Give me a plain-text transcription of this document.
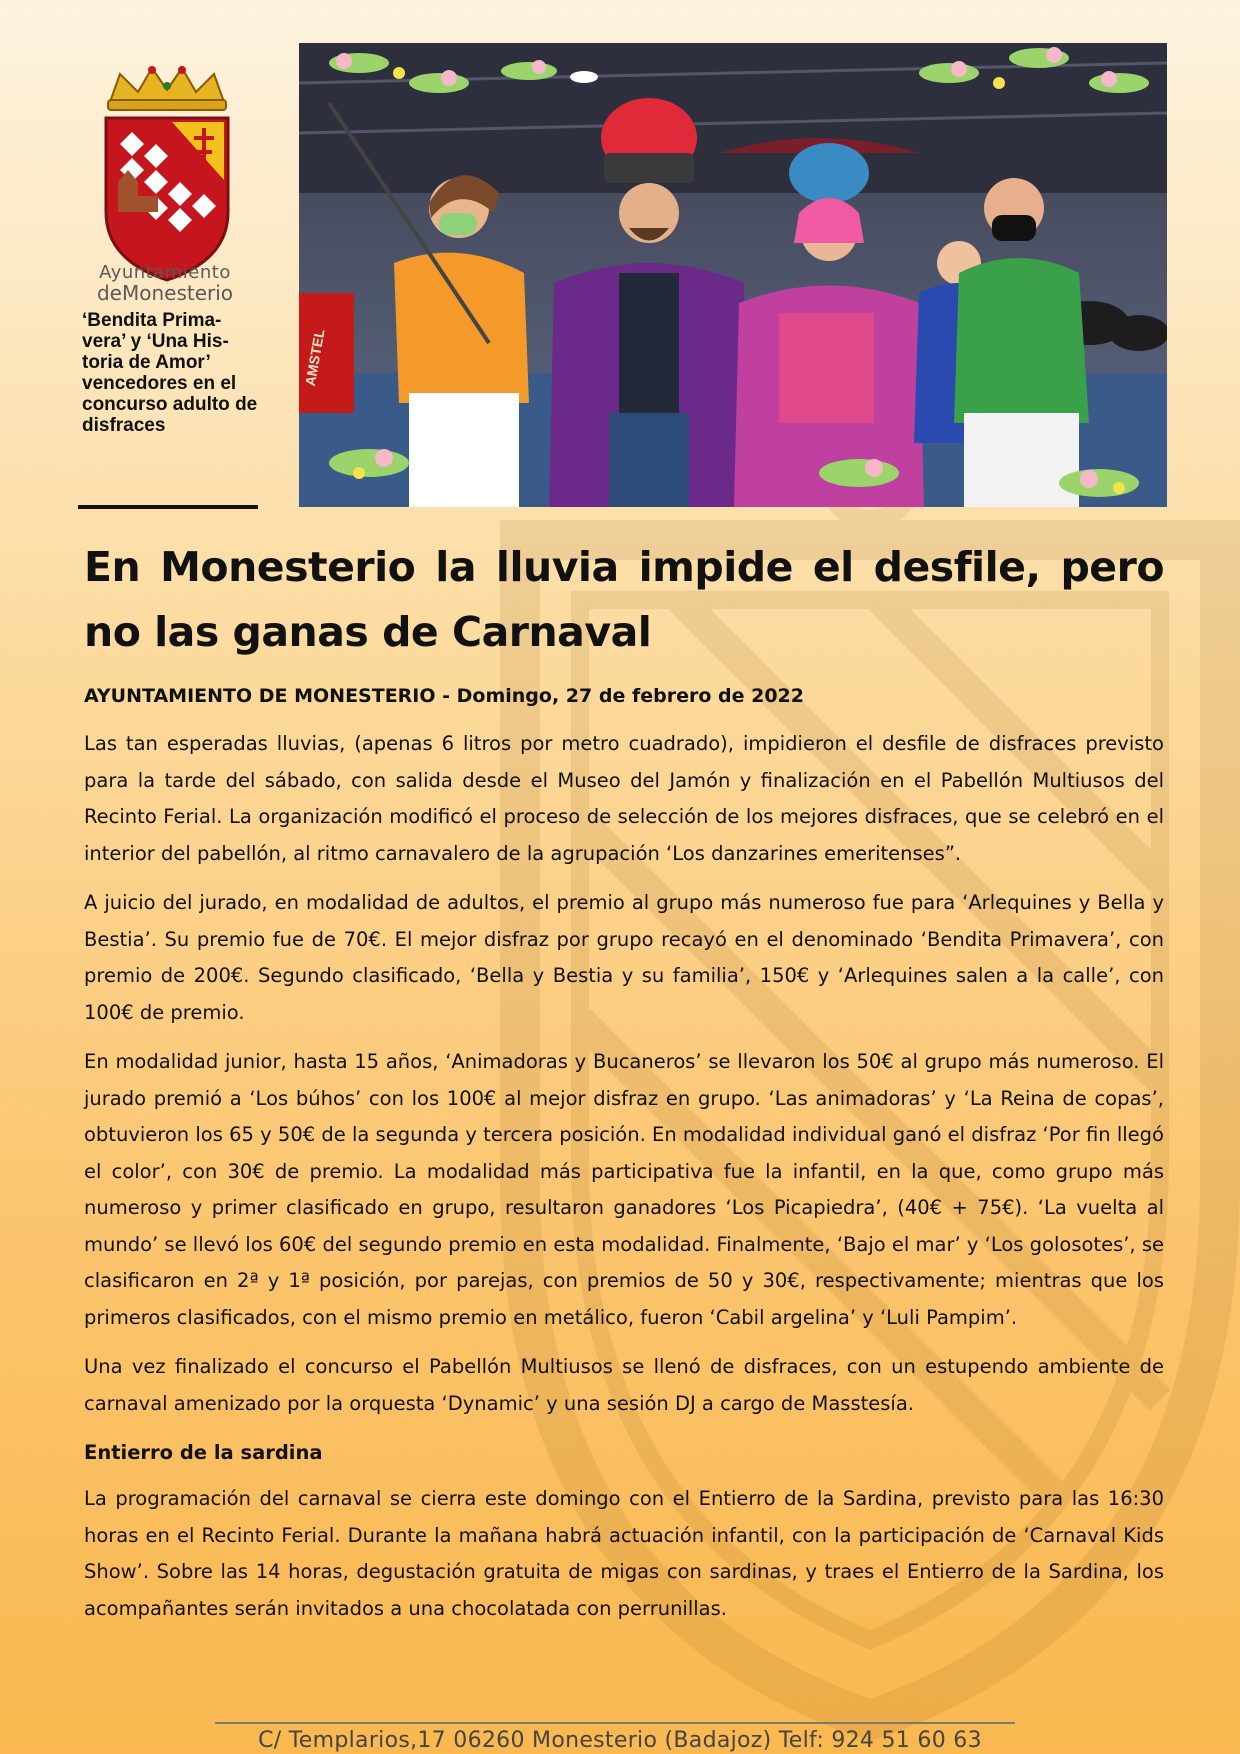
Ayuntamiento
deMonesterio
‘Bendita Prima-vera’ y ‘Una His-toria de Amor’ vencedores en el concurso adulto de disfraces
AMSTEL
En Monesterio la lluvia impide el desfile, pero no las ganas de Carnaval

AYUNTAMIENTO DE MONESTERIO - Domingo, 27 de febrero de 2022

Las tan esperadas lluvias, (apenas 6 litros por metro cuadrado), impidieron el desfile de disfraces previsto para la tarde del sábado, con salida desde el Museo del Jamón y finalización en el Pabellón Multiusos del Recinto Ferial. La organización modificó el proceso de selección de los mejores disfraces, que se celebró en el interior del pabellón, al ritmo carnavalero de la agrupación ‘Los danzarines emeritenses”.

A juicio del jurado, en modalidad de adultos, el premio al grupo más numeroso fue para ‘Arlequines y Bella y Bestia’. Su premio fue de 70€. El mejor disfraz por grupo recayó en el denominado ‘Bendita Primavera’, con premio de 200€. Segundo clasificado, ‘Bella y Bestia y su familia’, 150€ y ‘Arlequines salen a la calle’, con 100€ de premio.

En modalidad junior, hasta 15 años, ‘Animadoras y Bucaneros’ se llevaron los 50€ al grupo más numeroso. El jurado premió a ‘Los búhos’ con los 100€ al mejor disfraz en grupo. ‘Las animadoras’ y ‘La Reina de copas’, obtuvieron los 65 y 50€ de la segunda y tercera posición. En modalidad individual ganó el disfraz ‘Por fin llegó el color’, con 30€ de premio. La modalidad más participativa fue la infantil, en la que, como grupo más numeroso y primer clasificado en grupo, resultaron ganadores ‘Los Picapiedra’, (40€ + 75€). ‘La vuelta al mundo’ se llevó los 60€ del segundo premio en esta modalidad. Finalmente, ‘Bajo el mar’ y ‘Los golosotes’, se clasificaron en 2ª y 1ª posición, por parejas, con premios de 50 y 30€, respectivamente; mientras que los primeros clasificados, con el mismo premio en metálico, fueron ‘Cabil argelina’ y ‘Luli Pampim’.

Una vez finalizado el concurso el Pabellón Multiusos se llenó de disfraces, con un estupendo ambiente de carnaval amenizado por la orquesta ‘Dynamic’ y una sesión DJ a cargo de Masstesía.

Entierro de la sardina

La programación del carnaval se cierra este domingo con el Entierro de la Sardina, previsto para las 16:30 horas en el Recinto Ferial. Durante la mañana habrá actuación infantil, con la participación de ‘Carnaval Kids Show’. Sobre las 14 horas, degustación gratuita de migas con sardinas, y traes el Entierro de la Sardina, los acompañantes serán invitados a una chocolatada con perrunillas.

C/ Templarios,17 06260 Monesterio (Badajoz) Telf: 924 51 60 63
